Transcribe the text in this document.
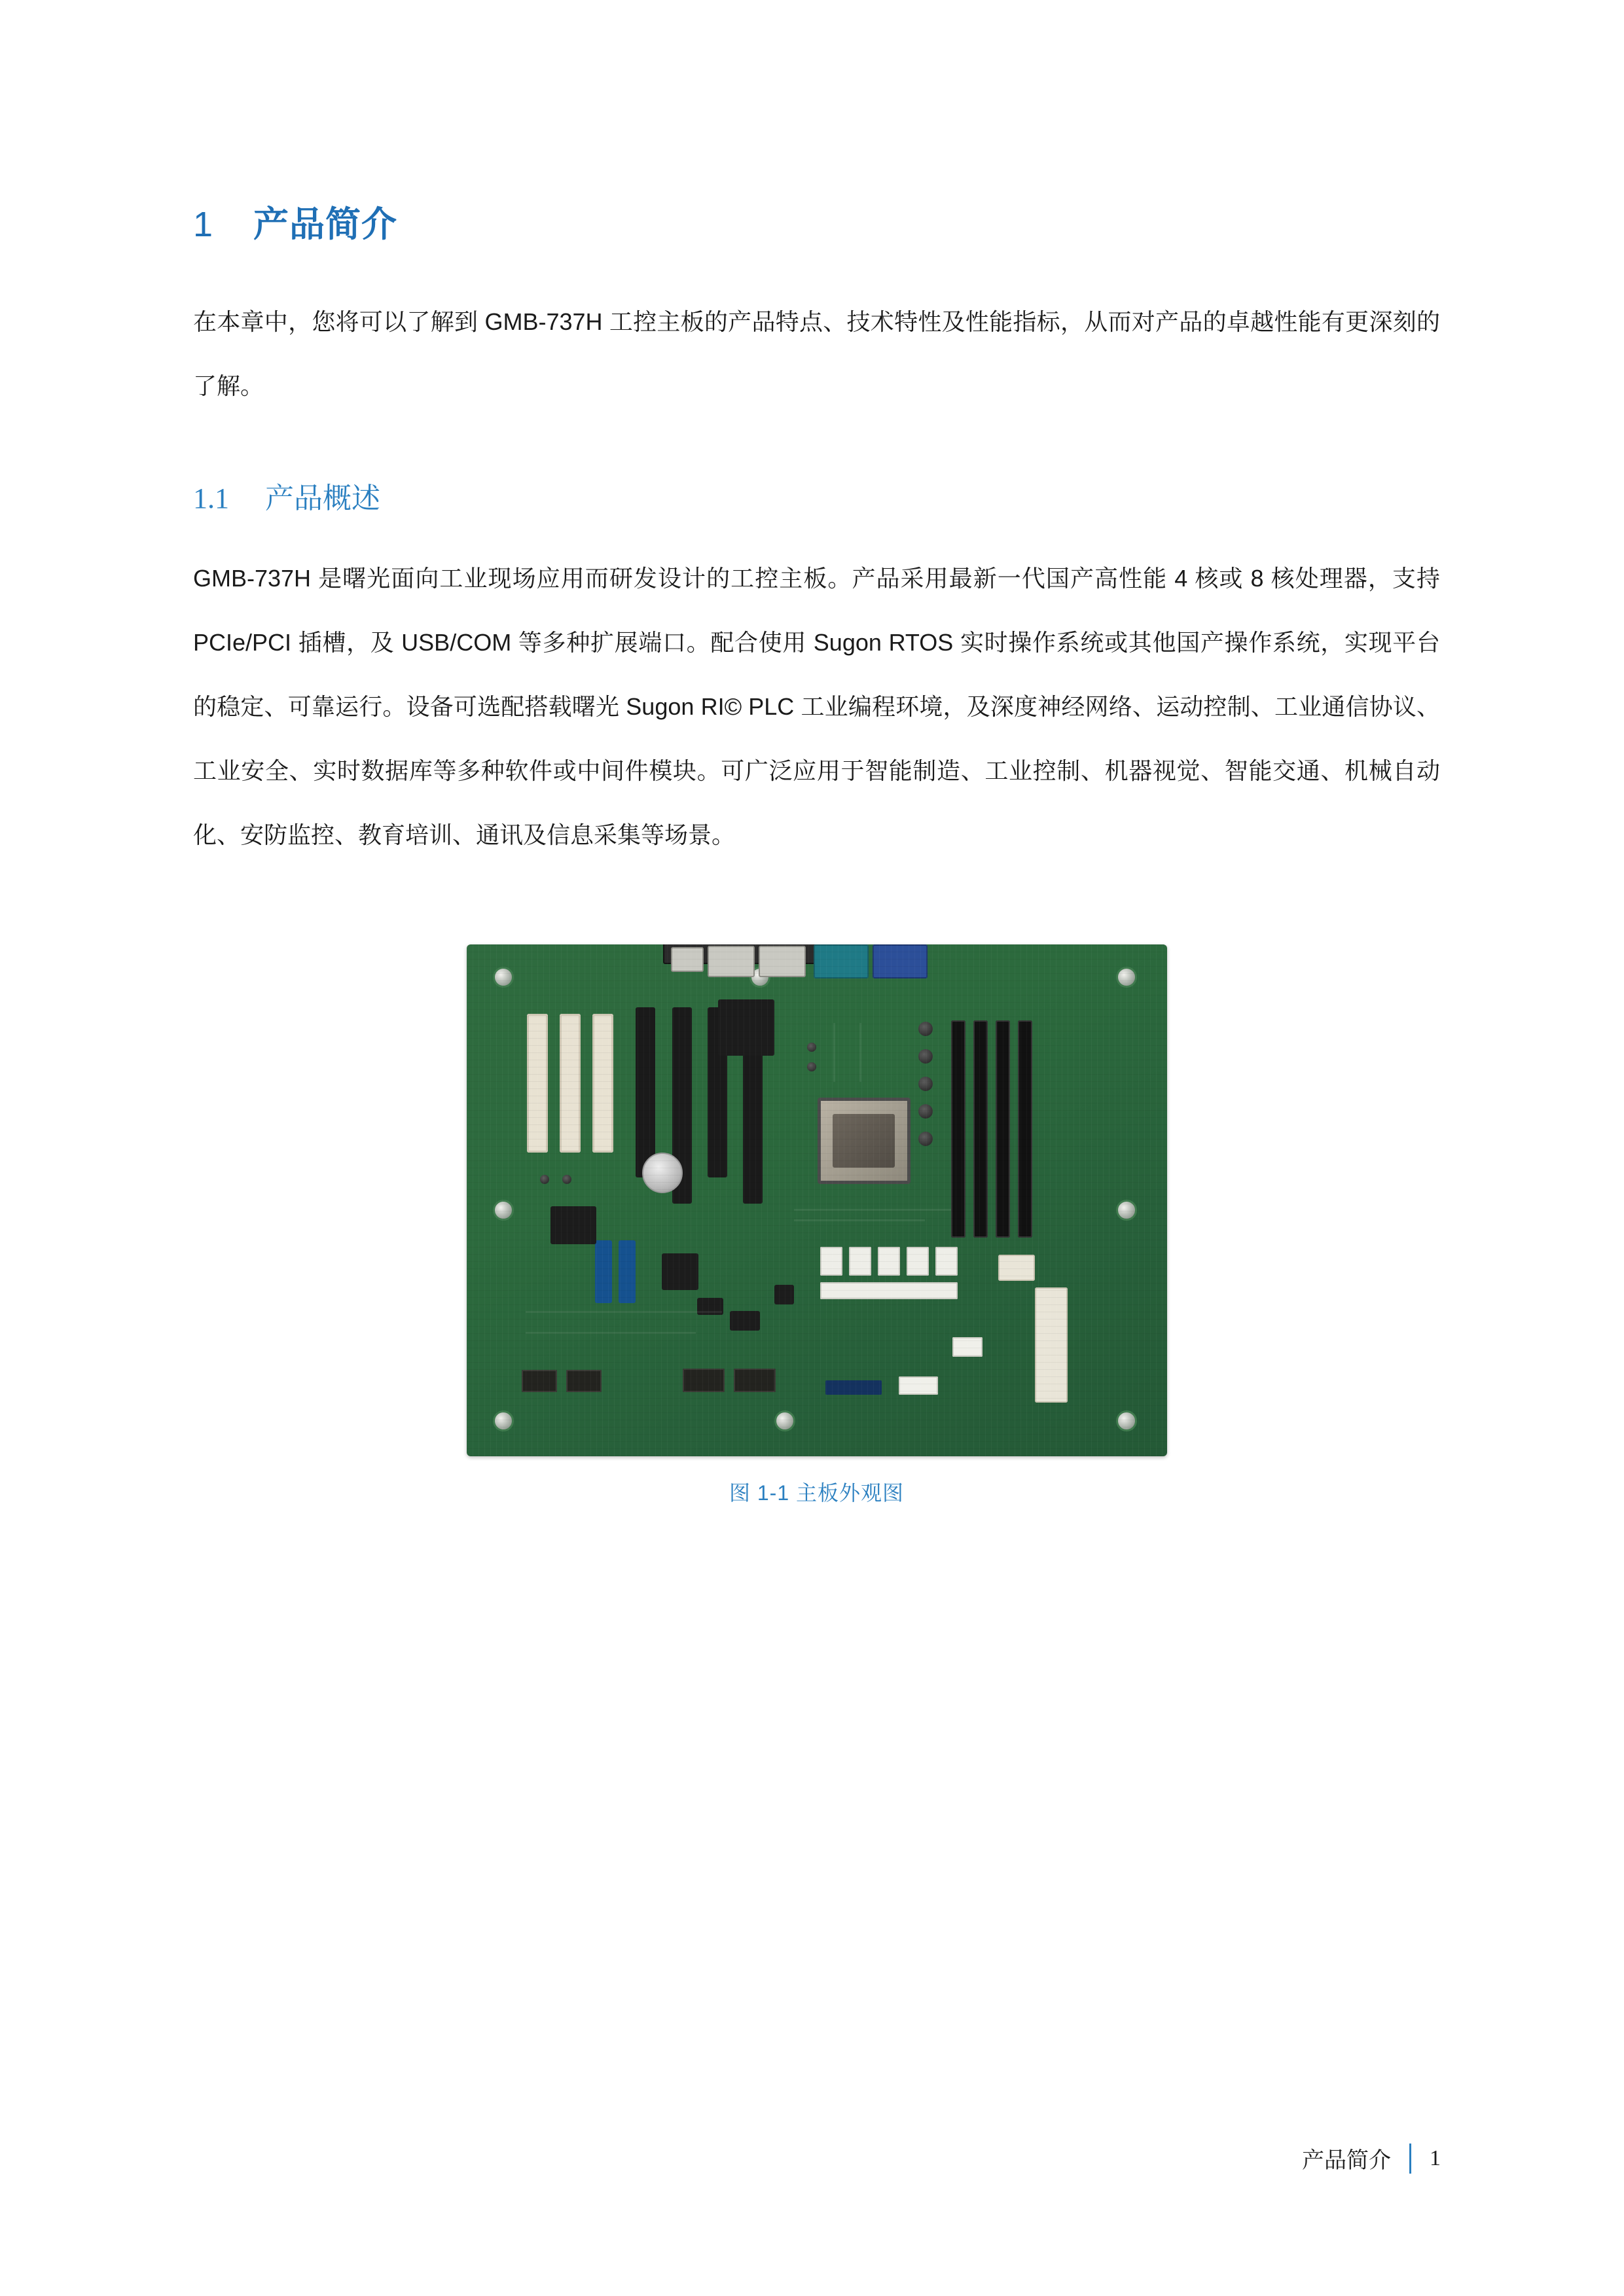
1	产品简介

在本章中，您将可以了解到 GMB-737H 工控主板的产品特点、技术特性及性能指标，从而对产品的卓越性能有更深刻的了解。

1.1	产品概述

GMB-737H 是曙光面向工业现场应用而研发设计的工控主板。产品采用最新一代国产高性能 4 核或 8 核处理器，支持 PCIe/PCI 插槽，及 USB/COM 等多种扩展端口。配合使用 Sugon RTOS 实时操作系统或其他国产操作系统，实现平台的稳定、可靠运行。设备可选配搭载曙光 Sugon RI© PLC 工业编程环境，及深度神经网络、运动控制、工业通信协议、工业安全、实时数据库等多种软件或中间件模块。可广泛应用于智能制造、工业控制、机器视觉、智能交通、机械自动化、安防监控、教育培训、通讯及信息采集等场景。

图 1-1 主板外观图
产品简介 1
